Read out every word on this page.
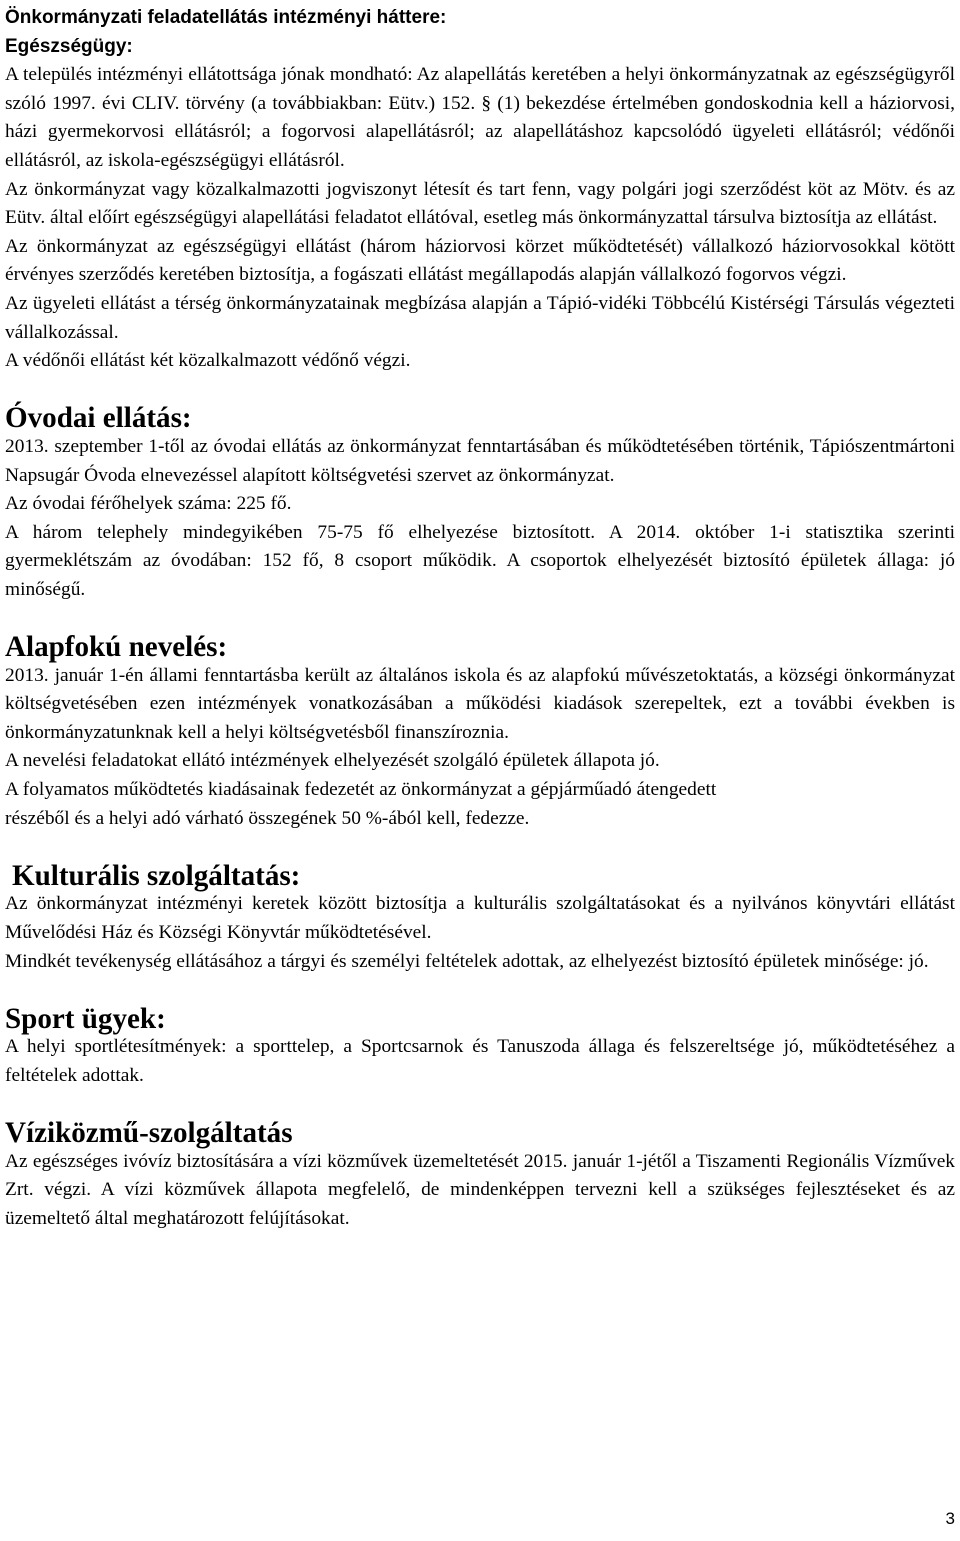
Önkormányzati feladatellátás intézményi háttere:
Egészségügy:

A település intézményi ellátottsága jónak mondható: Az alapellátás keretében a helyi önkormányzatnak az egészségügyről szóló 1997. évi CLIV. törvény (a továbbiakban: Eütv.) 152. § (1) bekezdése értelmében gondoskodnia kell a háziorvosi, házi gyermekorvosi ellátásról; a fogorvosi alapellátásról; az alapellátáshoz kapcsolódó ügyeleti ellátásról; védőnői ellátásról, az iskola-egészségügyi ellátásról.

Az önkormányzat vagy közalkalmazotti jogviszonyt létesít és tart fenn, vagy polgári jogi szerződést köt az Mötv. és az Eütv. által előírt egészségügyi alapellátási feladatot ellátóval, esetleg más önkormányzattal társulva biztosítja az ellátást.

Az önkormányzat az egészségügyi ellátást (három háziorvosi körzet működtetését) vállalkozó háziorvosokkal kötött érvényes szerződés keretében biztosítja, a fogászati ellátást megállapodás alapján vállalkozó fogorvos végzi.

Az ügyeleti ellátást a térség önkormányzatainak megbízása alapján a Tápió-vidéki Többcélú Kistérségi Társulás végezteti vállalkozással.

A védőnői ellátást két közalkalmazott védőnő végzi.

Óvodai ellátás:

2013. szeptember 1-től az óvodai ellátás az önkormányzat fenntartásában és működtetésében történik, Tápiószentmártoni Napsugár Óvoda elnevezéssel alapított költségvetési szervet az önkormányzat.

Az óvodai férőhelyek száma: 225 fő.

A három telephely mindegyikében 75-75 fő elhelyezése biztosított. A 2014. október 1-i statisztika szerinti gyermeklétszám az óvodában: 152 fő, 8 csoport működik. A csoportok elhelyezését biztosító épületek állaga: jó minőségű.

Alapfokú nevelés:

2013. január 1-én állami fenntartásba került az általános iskola és az alapfokú művészetoktatás, a községi önkormányzat költségvetésében ezen intézmények vonatkozásában a működési kiadások szerepeltek, ezt a további években is önkormányzatunknak kell a helyi költségvetésből finanszíroznia.

A nevelési feladatokat ellátó intézmények elhelyezését szolgáló épületek állapota jó.

A folyamatos működtetés kiadásainak fedezetét az önkormányzat a gépjárműadó átengedett

részéből és a helyi adó várható összegének 50 %-ából kell, fedezze.

Kulturális szolgáltatás:

Az önkormányzat intézményi keretek között biztosítja a kulturális szolgáltatásokat és a nyilvános könyvtári ellátást Művelődési Ház és Községi Könyvtár működtetésével.

Mindkét tevékenység ellátásához a tárgyi és személyi feltételek adottak, az elhelyezést biztosító épületek minősége: jó.

Sport ügyek:

A helyi sportlétesítmények: a sporttelep, a Sportcsarnok és Tanuszoda állaga és felszereltsége jó, működtetéséhez a feltételek adottak.

Víziközmű-szolgáltatás

Az egészséges ivóvíz biztosítására a vízi közművek üzemeltetését 2015. január 1-jétől a Tiszamenti Regionális Vízművek Zrt. végzi. A vízi közművek állapota megfelelő, de mindenképpen tervezni kell a szükséges fejlesztéseket és az üzemeltető által meghatározott felújításokat.

3
